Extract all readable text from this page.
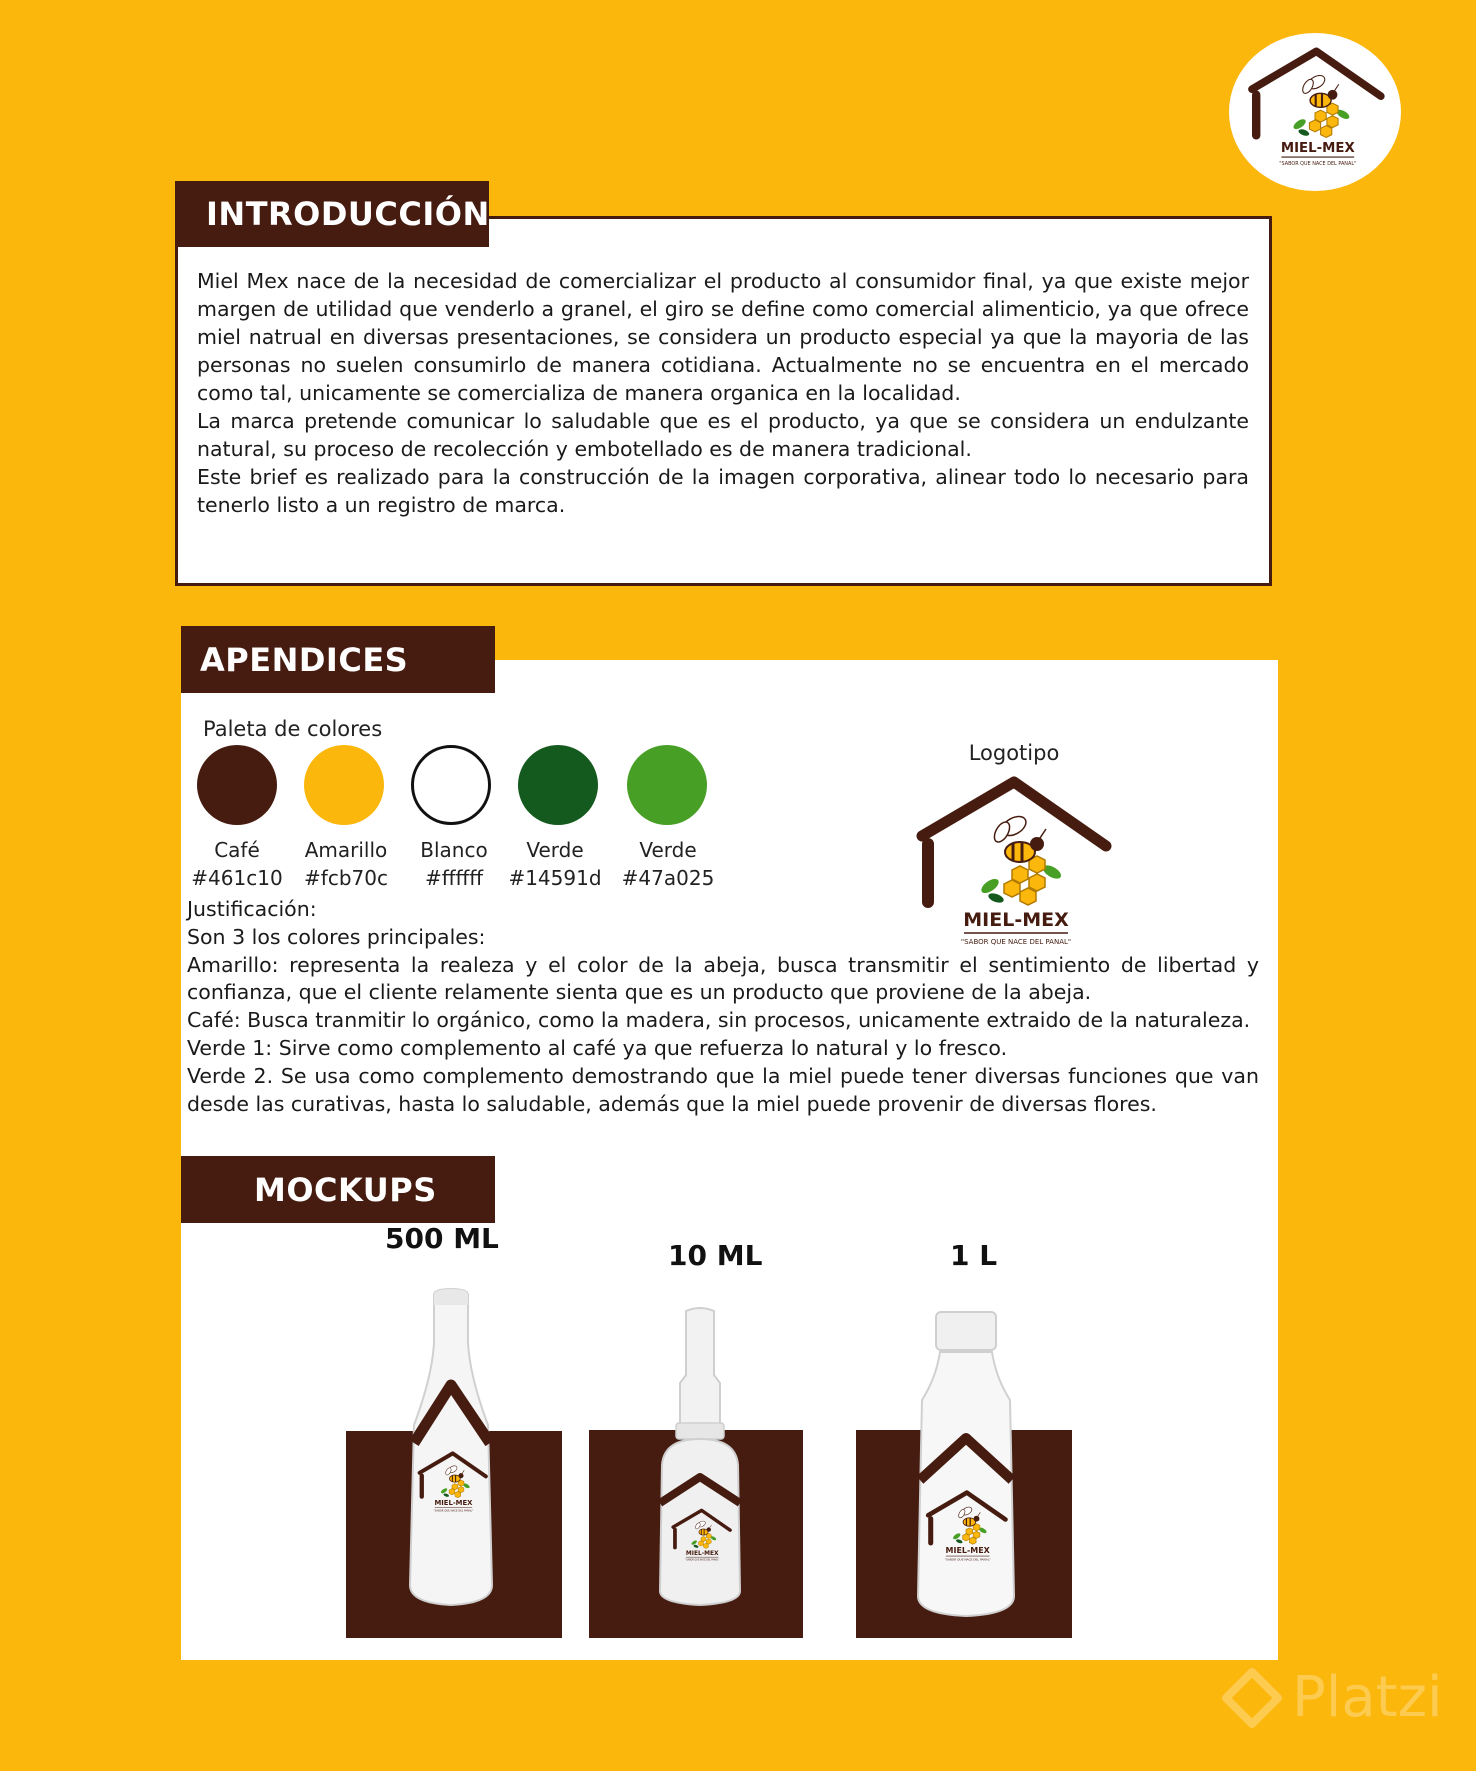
INTRODUCCIÓN

Miel Mex nace de la necesidad de comercializar el producto al consumidor final, ya que existe mejor margen de utilidad que venderlo a granel, el giro se define como comercial alimenticio, ya que ofrece miel natrual en diversas presentaciones, se considera un producto especial ya que la mayoria de las personas no suelen consumirlo de manera cotidiana. Actualmente no se encuentra en el mercado como tal, unicamente se comercializa de manera organica en la localidad.

La marca pretende comunicar lo saludable que es el producto, ya que se considera un endulzante natural, su proceso de recolección y embotellado es de manera tradicional.

Este brief es realizado para la construcción de la imagen corporativa, alinear todo lo necesario para tenerlo listo a un registro de marca.

APENDICES
Paleta de colores
Café
#461c10
Amarillo
#fcb70c
Blanco
#ffffff
Verde
#14591d
Verde
#47a025
Logotipo

Justificación:

Son 3 los colores principales:

Amarillo: representa la realeza y el color de la abeja, busca transmitir el sentimiento de libertad y confianza, que el cliente relamente sienta que es un producto que proviene de la abeja.

Café: Busca tranmitir lo orgánico, como la madera, sin procesos, unicamente extraido de la naturaleza.

Verde 1: Sirve como complemento al café ya que refuerza lo natural y lo fresco.

Verde 2. Se usa como complemento demostrando que la miel puede tener diversas funciones que van desde las curativas, hasta lo saludable, además que la miel puede provenir de diversas flores.

MOCKUPS
500 ML
10 ML	1 L
Platzi
